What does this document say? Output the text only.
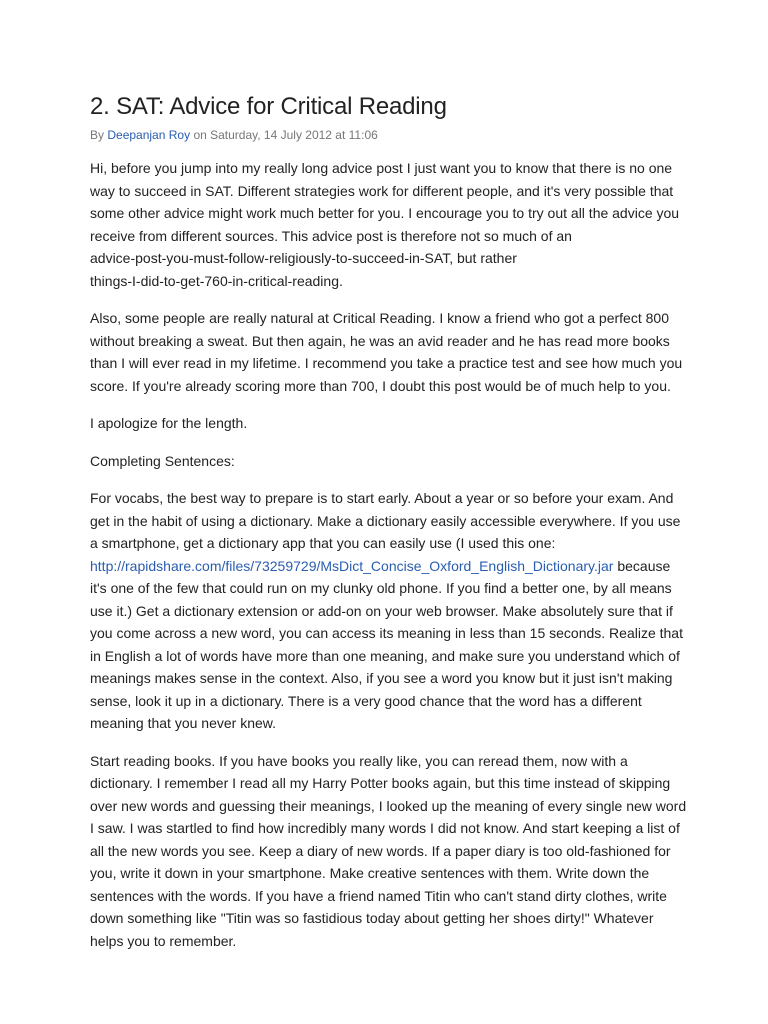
2. SAT: Advice for Critical Reading
By Deepanjan Roy on Saturday, 14 July 2012 at 11:06

Hi, before you jump into my really long advice post I just want you to know that there is no one way to succeed in SAT. Different strategies work for different people, and it's very possible that some other advice might work much better for you. I encourage you to try out all the advice you receive from different sources. This advice post is therefore not so much of an
advice-post-you-must-follow-religiously-to-succeed-in-SAT, but rather
things-I-did-to-get-760-in-critical-reading.

Also, some people are really natural at Critical Reading. I know a friend who got a perfect 800 without breaking a sweat. But then again, he was an avid reader and he has read more books than I will ever read in my lifetime. I recommend you take a practice test and see how much you score. If you're already scoring more than 700, I doubt this post would be of much help to you.

I apologize for the length.

Completing Sentences:

For vocabs, the best way to prepare is to start early. About a year or so before your exam. And get in the habit of using a dictionary. Make a dictionary easily accessible everywhere. If you use a smartphone, get a dictionary app that you can easily use (I used this one: http://rapidshare.com/files/73259729/MsDict_Concise_Oxford_English_Dictionary.jar because it's one of the few that could run on my clunky old phone. If you find a better one, by all means use it.) Get a dictionary extension or add-on on your web browser. Make absolutely sure that if you come across a new word, you can access its meaning in less than 15 seconds. Realize that in English a lot of words have more than one meaning, and make sure you understand which of meanings makes sense in the context. Also, if you see a word you know but it just isn't making sense, look it up in a dictionary. There is a very good chance that the word has a different meaning that you never knew.

Start reading books. If you have books you really like, you can reread them, now with a dictionary. I remember I read all my Harry Potter books again, but this time instead of skipping over new words and guessing their meanings, I looked up the meaning of every single new word I saw. I was startled to find how incredibly many words I did not know. And start keeping a list of all the new words you see. Keep a diary of new words. If a paper diary is too old-fashioned for you, write it down in your smartphone. Make creative sentences with them. Write down the sentences with the words. If you have a friend named Titin who can't stand dirty clothes, write down something like "Titin was so fastidious today about getting her shoes dirty!" Whatever helps you to remember.
